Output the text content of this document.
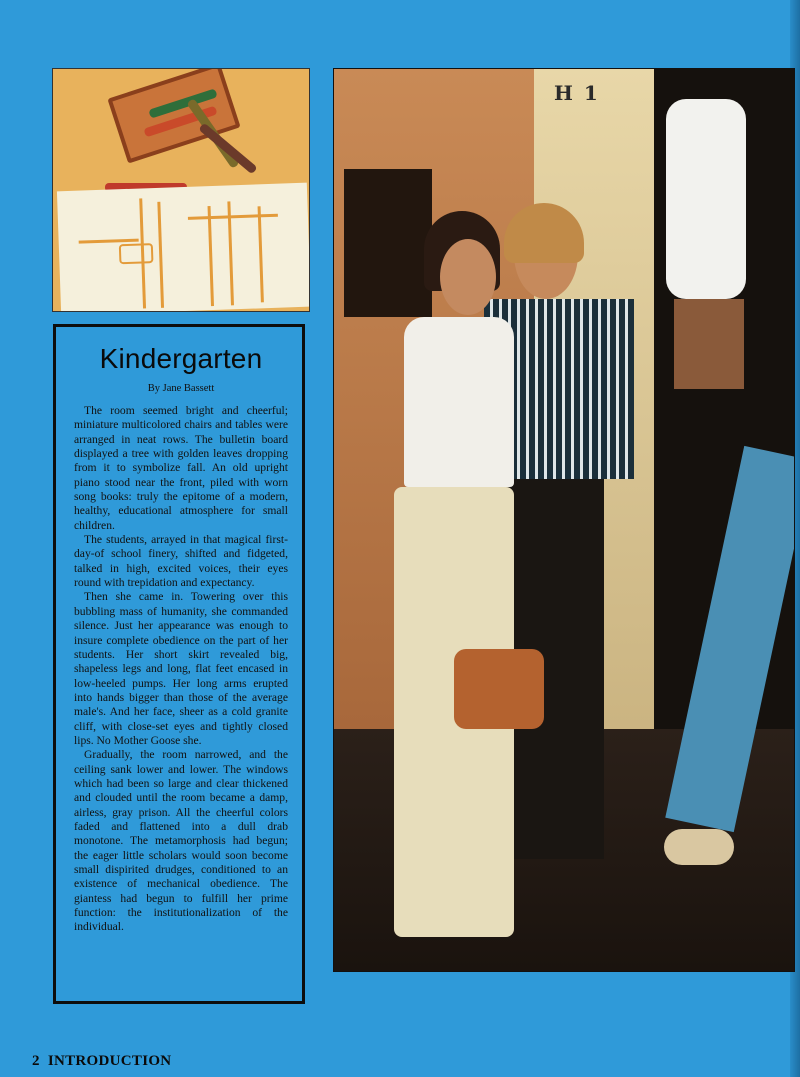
Kindergarten
By Jane Bassett

The room seemed bright and cheerful; miniature multicolored chairs and tables were arranged in neat rows. The bulletin board displayed a tree with golden leaves dropping from it to symbolize fall. An old upright piano stood near the front, piled with worn song books: truly the epitome of a modern, healthy, educational atmosphere for small children.

The students, arrayed in that magical first-day-of school finery, shifted and fidgeted, talked in high, excited voices, their eyes round with trepidation and expectancy.

Then she came in. Towering over this bubbling mass of humanity, she commanded silence. Just her appearance was enough to insure complete obedience on the part of her students. Her short skirt revealed big, shapeless legs and long, flat feet encased in low-heeled pumps. Her long arms erupted into hands bigger than those of the average male's. And her face, sheer as a cold granite cliff, with close-set eyes and tightly closed lips. No Mother Goose she.

Gradually, the room narrowed, and the ceiling sank lower and lower. The windows which had been so large and clear thickened and clouded until the room became a damp, airless, gray prison. All the cheerful colors faded and flattened into a dull drab monotone. The metamorphosis had begun; the eager little scholars would soon become small dispirited drudges, conditioned to an existence of mechanical obedience. The giantess had begun to fulfill her prime function: the institutionalization of the individual.

H 1
2 INTRODUCTION
